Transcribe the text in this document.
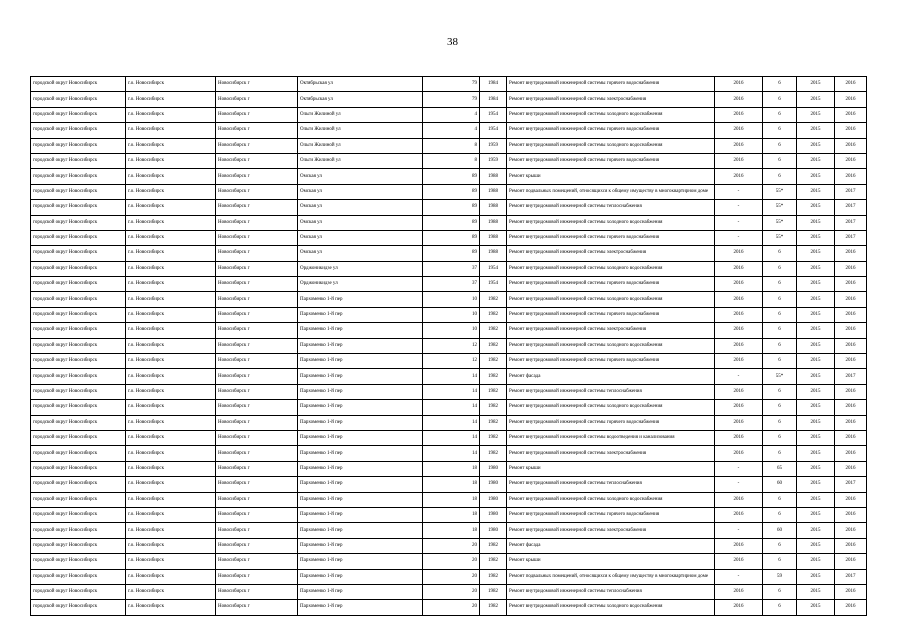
38
городской округ Новосибирск	г.о. Новосибирск	Новосибирск г	Октябрьская ул	79	1984	Ремонт внутридомовой инженерной системы горячего водоснабжения	2016	6	2015	2016
городской округ Новосибирск	г.о. Новосибирск	Новосибирск г	Октябрьская ул	79	1984	Ремонт внутридомовой инженерной системы электроснабжения	2016	6	2015	2016
городской округ Новосибирск	г.о. Новосибирск	Новосибирск г	Ольги Жилиной ул	4	1954	Ремонт внутридомовой инженерной системы холодного водоснабжения	2016	6	2015	2016
городской округ Новосибирск	г.о. Новосибирск	Новосибирск г	Ольги Жилиной ул	4	1954	Ремонт внутридомовой инженерной системы горячего водоснабжения	2016	6	2015	2016
городской округ Новосибирск	г.о. Новосибирск	Новосибирск г	Ольги Жилиной ул	8	1959	Ремонт внутридомовой инженерной системы холодного водоснабжения	2016	6	2015	2016
городской округ Новосибирск	г.о. Новосибирск	Новосибирск г	Ольги Жилиной ул	8	1959	Ремонт внутридомовой инженерной системы горячего водоснабжения	2016	6	2015	2016
городской округ Новосибирск	г.о. Новосибирск	Новосибирск г	Омская ул	89	1988	Ремонт крыши	2016	6	2015	2016
городской округ Новосибирск	г.о. Новосибирск	Новосибирск г	Омская ул	89	1988	Ремонт подвальных помещений, относящихся к общему имуществу в многоквартирном доме	-	55*	2015	2017
городской округ Новосибирск	г.о. Новосибирск	Новосибирск г	Омская ул	89	1988	Ремонт внутридомовой инженерной системы теплоснабжения	-	55*	2015	2017
городской округ Новосибирск	г.о. Новосибирск	Новосибирск г	Омская ул	89	1988	Ремонт внутридомовой инженерной системы холодного водоснабжения	-	55*	2015	2017
городской округ Новосибирск	г.о. Новосибирск	Новосибирск г	Омская ул	89	1988	Ремонт внутридомовой инженерной системы горячего водоснабжения	-	55*	2015	2017
городской округ Новосибирск	г.о. Новосибирск	Новосибирск г	Омская ул	89	1988	Ремонт внутридомовой инженерной системы электроснабжения	2016	6	2015	2016
городской округ Новосибирск	г.о. Новосибирск	Новосибирск г	Орджоникидзе ул	37	1954	Ремонт внутридомовой инженерной системы холодного водоснабжения	2016	6	2015	2016
городской округ Новосибирск	г.о. Новосибирск	Новосибирск г	Орджоникидзе ул	37	1954	Ремонт внутридомовой инженерной системы горячего водоснабжения	2016	6	2015	2016
городской округ Новосибирск	г.о. Новосибирск	Новосибирск г	Пархоменко 1-й пер	10	1982	Ремонт внутридомовой инженерной системы холодного водоснабжения	2016	6	2015	2016
городской округ Новосибирск	г.о. Новосибирск	Новосибирск г	Пархоменко 1-й пер	10	1982	Ремонт внутридомовой инженерной системы горячего водоснабжения	2016	6	2015	2016
городской округ Новосибирск	г.о. Новосибирск	Новосибирск г	Пархоменко 1-й пер	10	1982	Ремонт внутридомовой инженерной системы электроснабжения	2016	6	2015	2016
городской округ Новосибирск	г.о. Новосибирск	Новосибирск г	Пархоменко 1-й пер	12	1982	Ремонт внутридомовой инженерной системы холодного водоснабжения	2016	6	2015	2016
городской округ Новосибирск	г.о. Новосибирск	Новосибирск г	Пархоменко 1-й пер	12	1982	Ремонт внутридомовой инженерной системы горячего водоснабжения	2016	6	2015	2016
городской округ Новосибирск	г.о. Новосибирск	Новосибирск г	Пархоменко 1-й пер	14	1982	Ремонт фасада	-	55*	2015	2017
городской округ Новосибирск	г.о. Новосибирск	Новосибирск г	Пархоменко 1-й пер	14	1982	Ремонт внутридомовой инженерной системы теплоснабжения	2016	6	2015	2016
городской округ Новосибирск	г.о. Новосибирск	Новосибирск г	Пархоменко 1-й пер	14	1982	Ремонт внутридомовой инженерной системы холодного водоснабжения	2016	6	2015	2016
городской округ Новосибирск	г.о. Новосибирск	Новосибирск г	Пархоменко 1-й пер	14	1982	Ремонт внутридомовой инженерной системы горячего водоснабжения	2016	6	2015	2016
городской округ Новосибирск	г.о. Новосибирск	Новосибирск г	Пархоменко 1-й пер	14	1982	Ремонт внутридомовой инженерной системы водоотведения и канализования	2016	6	2015	2016
городской округ Новосибирск	г.о. Новосибирск	Новосибирск г	Пархоменко 1-й пер	14	1982	Ремонт внутридомовой инженерной системы электроснабжения	2016	6	2015	2016
городской округ Новосибирск	г.о. Новосибирск	Новосибирск г	Пархоменко 1-й пер	18	1980	Ремонт крыши	-	65	2015	2016
городской округ Новосибирск	г.о. Новосибирск	Новосибирск г	Пархоменко 1-й пер	18	1980	Ремонт внутридомовой инженерной системы теплоснабжения	-	60	2015	2017
городской округ Новосибирск	г.о. Новосибирск	Новосибирск г	Пархоменко 1-й пер	18	1980	Ремонт внутридомовой инженерной системы холодного водоснабжения	2016	6	2015	2016
городской округ Новосибирск	г.о. Новосибирск	Новосибирск г	Пархоменко 1-й пер	18	1980	Ремонт внутридомовой инженерной системы горячего водоснабжения	2016	6	2015	2016
городской округ Новосибирск	г.о. Новосибирск	Новосибирск г	Пархоменко 1-й пер	18	1980	Ремонт внутридомовой инженерной системы электроснабжения	-	60	2015	2016
городской округ Новосибирск	г.о. Новосибирск	Новосибирск г	Пархоменко 1-й пер	20	1982	Ремонт фасада	2016	6	2015	2016
городской округ Новосибирск	г.о. Новосибирск	Новосибирск г	Пархоменко 1-й пер	20	1982	Ремонт крыши	2016	6	2015	2016
городской округ Новосибирск	г.о. Новосибирск	Новосибирск г	Пархоменко 1-й пер	20	1982	Ремонт подвальных помещений, относящихся к общему имуществу в многоквартирном доме	-	59	2015	2017
городской округ Новосибирск	г.о. Новосибирск	Новосибирск г	Пархоменко 1-й пер	20	1982	Ремонт внутридомовой инженерной системы теплоснабжения	2016	6	2015	2016
городской округ Новосибирск	г.о. Новосибирск	Новосибирск г	Пархоменко 1-й пер	20	1982	Ремонт внутридомовой инженерной системы холодного водоснабжения	2016	6	2015	2016
